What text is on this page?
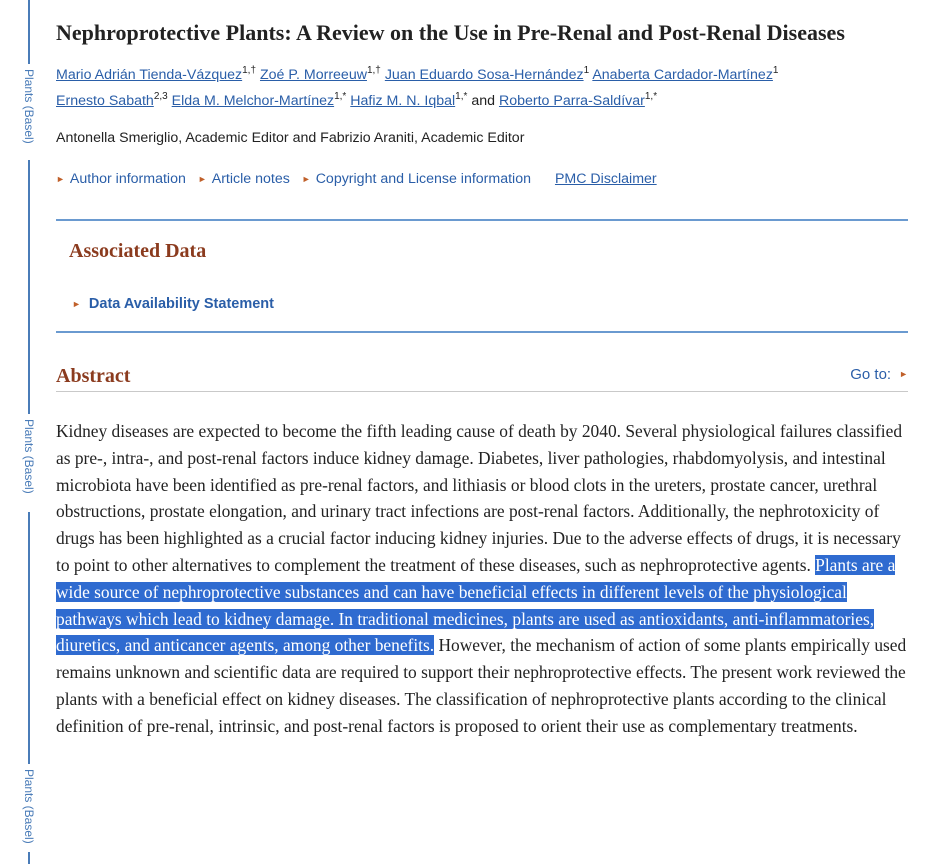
Plants (Basel)
Plants (Basel)
Plants (Basel)
Nephroprotective Plants: A Review on the Use in Pre-Renal and Post-Renal Diseases
Mario Adrián Tienda-Vázquez$^{1,\dagger}$ Zoé P. Morreeuw$^{1,\dagger}$ Juan Eduardo Sosa-Hernández$^1$ Anaberta Cardador-Martínez$^1$
Ernesto Sabath$^{2,3}$ Elda M. Melchor-Martínez$^{1,*}$ Hafiz M. N. Iqbal$^{1,*}$ and Roberto Parra-Saldívar$^{1,*}$
Antonella Smeriglio, Academic Editor and Fabrizio Araniti, Academic Editor
► Author information ► Article notes ► Copyright and License information PMC Disclaimer
Associated Data
► Data Availability Statement
Abstract	Go to: ►

Kidney diseases are expected to become the fifth leading cause of death by 2040. Several physiological failures classified as pre-, intra-, and post-renal factors induce kidney damage. Diabetes, liver pathologies, rhabdomyolysis, and intestinal microbiota have been identified as pre-renal factors, and lithiasis or blood clots in the ureters, prostate cancer, urethral obstructions, prostate elongation, and urinary tract infections are post-renal factors. Additionally, the nephrotoxicity of drugs has been highlighted as a crucial factor inducing kidney injuries. Due to the adverse effects of drugs, it is necessary to point to other alternatives to complement the treatment of these diseases, such as nephroprotective agents. Plants are a wide source of nephroprotective substances and can have beneficial effects in different levels of the physiological pathways which lead to kidney damage. In traditional medicines, plants are used as antioxidants, anti-inflammatories, diuretics, and anticancer agents, among other benefits. However, the mechanism of action of some plants empirically used remains unknown and scientific data are required to support their nephroprotective effects. The present work reviewed the plants with a beneficial effect on kidney diseases. The classification of nephroprotective plants according to the clinical definition of pre-renal, intrinsic, and post-renal factors is proposed to orient their use as complementary treatments.
